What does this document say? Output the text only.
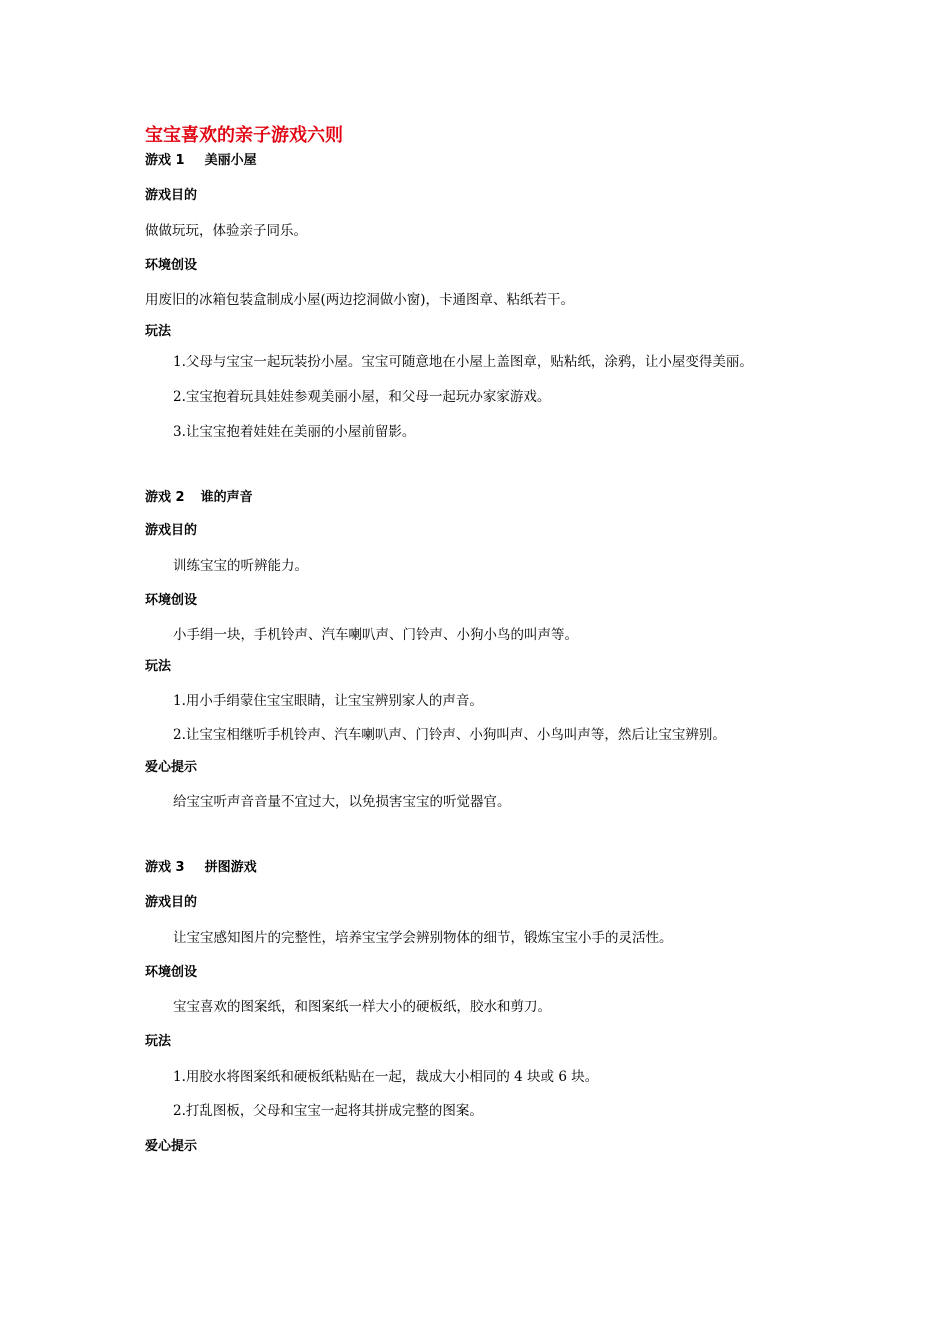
宝宝喜欢的亲子游戏六则
游戏 1 美丽小屋
游戏目的
做做玩玩，体验亲子同乐。
环境创设
用废旧的冰箱包装盒制成小屋(两边挖洞做小窗)，卡通图章、粘纸若干。
玩法
1.父母与宝宝一起玩装扮小屋。宝宝可随意地在小屋上盖图章，贴粘纸，涂鸦，让小屋变得美丽。
2.宝宝抱着玩具娃娃参观美丽小屋，和父母一起玩办家家游戏。
3.让宝宝抱着娃娃在美丽的小屋前留影。
游戏 2 谁的声音
游戏目的
训练宝宝的听辨能力。
环境创设
小手绢一块，手机铃声、汽车喇叭声、门铃声、小狗小鸟的叫声等。
玩法
1.用小手绢蒙住宝宝眼睛，让宝宝辨别家人的声音。
2.让宝宝相继听手机铃声、汽车喇叭声、门铃声、小狗叫声、小鸟叫声等，然后让宝宝辨别。
爱心提示
给宝宝听声音音量不宜过大，以免损害宝宝的听觉器官。
游戏 3 拼图游戏
游戏目的
让宝宝感知图片的完整性，培养宝宝学会辨别物体的细节，锻炼宝宝小手的灵活性。
环境创设
宝宝喜欢的图案纸，和图案纸一样大小的硬板纸，胶水和剪刀。
玩法
1.用胶水将图案纸和硬板纸粘贴在一起，裁成大小相同的 4 块或 6 块。
2.打乱图板，父母和宝宝一起将其拼成完整的图案。
爱心提示
